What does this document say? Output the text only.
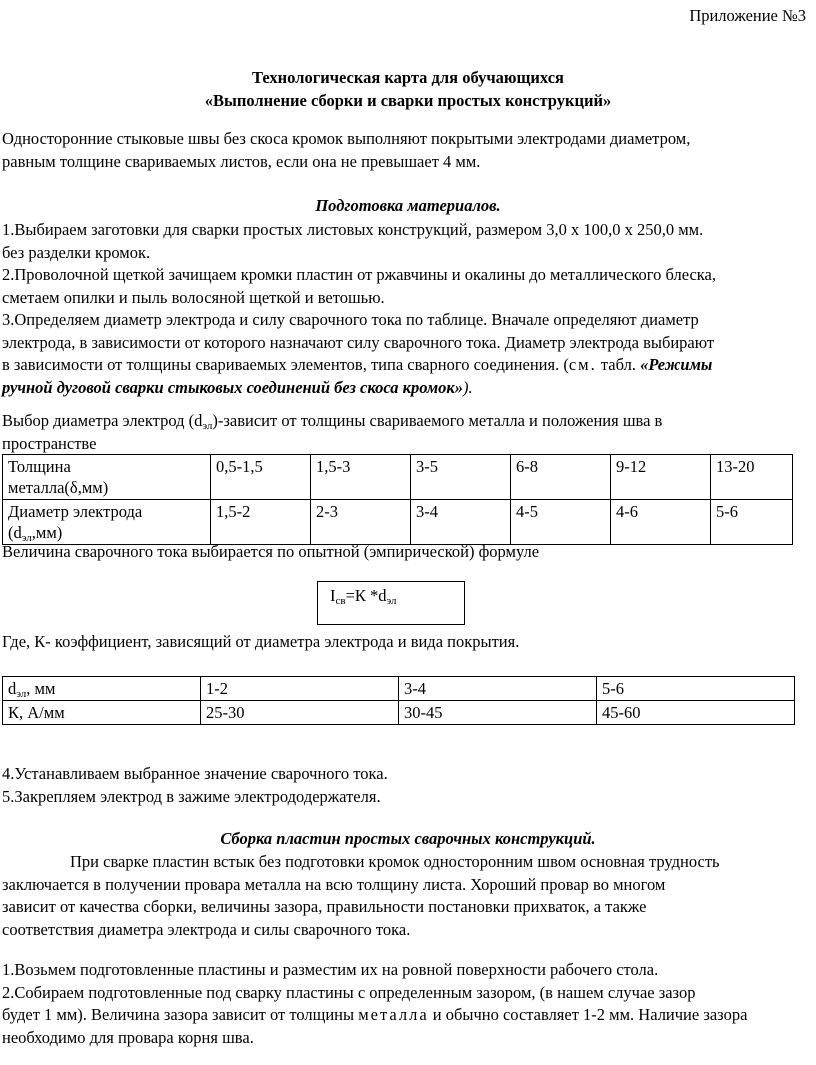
Приложение №3
Технологическая карта для обучающихся
«Выполнение сборки и сварки простых конструкций»
Односторонние стыковые швы без скоса кромок выполняют покрытыми электродами диаметром,
равным толщине свариваемых листов, если она не превышает 4 мм.
Подготовка материалов.
1.Выбираем заготовки для сварки простых листовых конструкций, размером 3,0 х 100,0 х 250,0 мм.
без разделки кромок.
2.Проволочной щеткой зачищаем кромки пластин от ржавчины и окалины до металлического блеска,
сметаем опилки и пыль волосяной щеткой и ветошью.
3.Определяем диаметр электрода и силу сварочного тока по таблице. Вначале определяют диаметр
электрода, в зависимости от которого назначают силу сварочного тока. Диаметр электрода выбирают
в зависимости от толщины свариваемых элементов, типа сварного соединения. (см. табл. «Режимы
ручной дуговой сварки стыковых соединений без скоса кромок»).
Выбор диаметра электрод $(d_{эл})$-зависит от толщины свариваемого металла и положения шва в
пространстве
Толщина
металла(δ,мм)	0,5-1,5	1,5-3	3-5	6-8	9-12	13-20

Диаметр электрода
$(d_{эл},мм)$	1,5-2	2-3	3-4	4-5	4-6	5-6
Величина сварочного тока выбирается по опытной (эмпирической) формуле
$I_{св}=К$ $*d_{эл}$
Где, К- коэффициент, зависящий от диаметра электрода и вида покрытия.
$d_{эл}$, мм	1-2	3-4	5-6
К, А/мм	25-30	30-45	45-60
4.Устанавливаем выбранное значение сварочного тока.
5.Закрепляем электрод в зажиме электрододержателя.
Сборка пластин простых сварочных конструкций.
При сварке пластин встык без подготовки кромок односторонним швом основная трудность
заключается в получении провара металла на всю толщину листа. Хороший провар во многом
зависит от качества сборки, величины зазора, правильности постановки прихваток, а также
соответствия диаметра электрода и силы сварочного тока.
1.Возьмем подготовленные пластины и разместим их на ровной поверхности рабочего стола.
2.Собираем подготовленные под сварку пластины с определенным зазором, (в нашем случае зазор
будет 1 мм). Величина зазора зависит от толщины металла и обычно составляет 1-2 мм. Наличие зазора
необходимо для провара корня шва.
